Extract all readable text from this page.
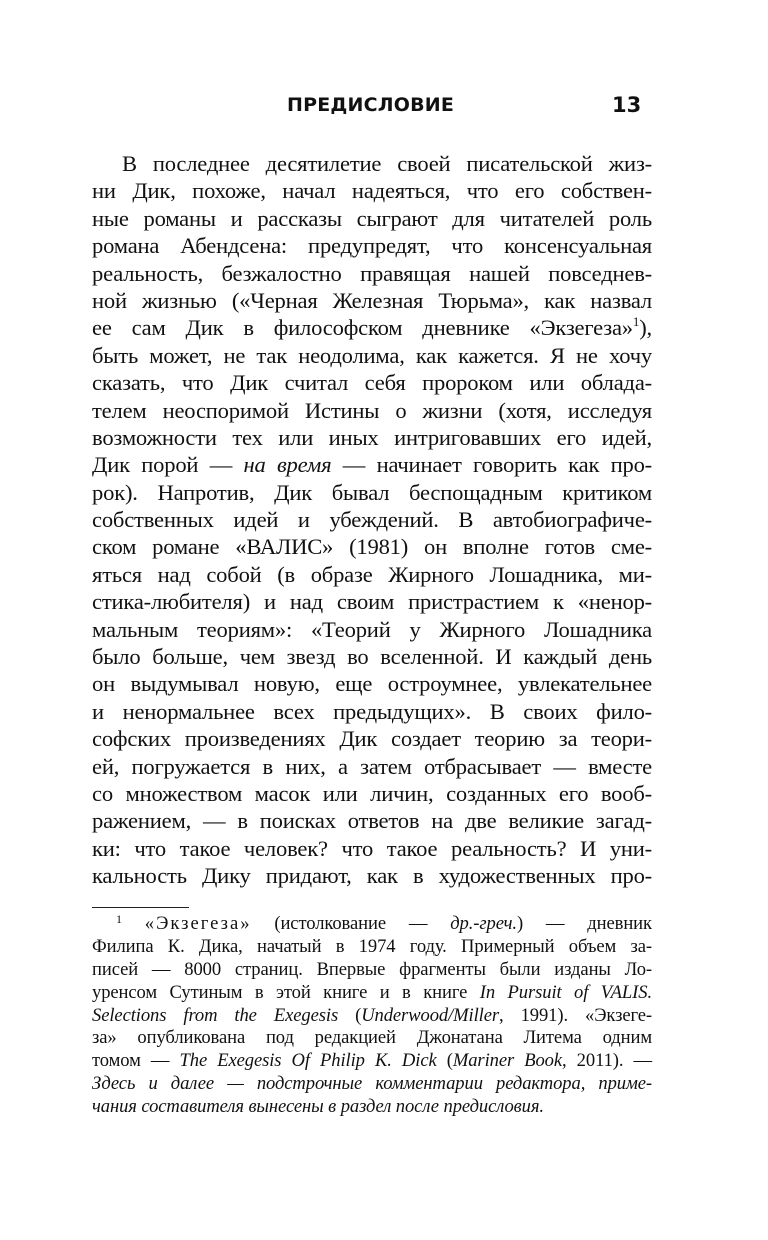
ПРЕДИСЛОВИЕ	13
В последнее десятилетие своей писательской жиз-
ни Дик, похоже, начал надеяться, что его собствен-
ные романы и рассказы сыграют для читателей роль
романа Абендсена: предупредят, что консенсуальная
реальность, безжалостно правящая нашей повседнев-
ной жизнью («Черная Железная Тюрьма», как назвал
ее сам Дик в философском дневнике «Экзегеза»$^1$),
быть может, не так неодолима, как кажется. Я не хочу
сказать, что Дик считал себя пророком или облада-
телем неоспоримой Истины о жизни (хотя, исследуя
возможности тех или иных интриговавших его идей,
Дик порой — на время — начинает говорить как про-
рок). Напротив, Дик бывал беспощадным критиком
собственных идей и убеждений. В автобиографиче-
ском романе «ВАЛИС» (1981) он вполне готов сме-
яться над собой (в образе Жирного Лошадника, ми-
стика-любителя) и над своим пристрастием к «ненор-
мальным теориям»: «Теорий у Жирного Лошадника
было больше, чем звезд во вселенной. И каждый день
он выдумывал новую, еще остроумнее, увлекательнее
и ненормальнее всех предыдущих». В своих фило-
софских произведениях Дик создает теорию за теори-
ей, погружается в них, а затем отбрасывает — вместе
со множеством масок или личин, созданных его вооб-
ражением, — в поисках ответов на две великие загад-
ки: что такое человек? что такое реальность? И уни-
кальность Дику придают, как в художественных про-
$^1$ «Экзегеза» (истолкование — др.-греч.) — дневник
Филипа К. Дика, начатый в 1974 году. Примерный объем за-
писей — 8000 страниц. Впервые фрагменты были изданы Ло-
уренсом Сутиным в этой книге и в книге In Pursuit of VALIS.
Selections from the Exegesis (Underwood/Miller, 1991). «Экзеге-
за» опубликована под редакцией Джонатана Литема одним
томом — The Exegesis Of Philip K. Dick (Mariner Book, 2011). —
Здесь и далее — подстрочные комментарии редактора, приме-
чания составителя вынесены в раздел после предисловия.
